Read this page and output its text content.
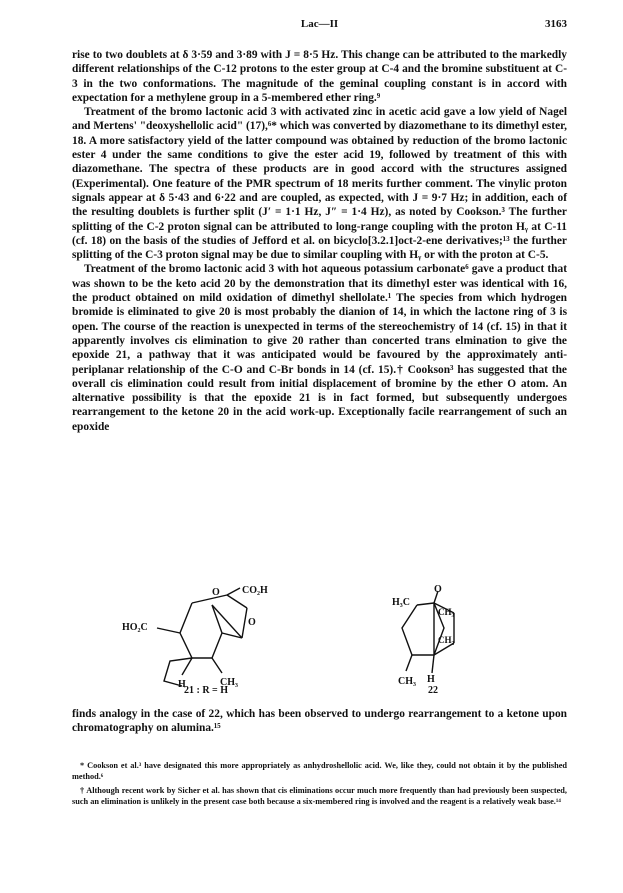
Lac—II	3163

rise to two doublets at δ 3·59 and 3·89 with J = 8·5 Hz. This change can be attributed to the markedly different relationships of the C-12 protons to the ester group at C-4 and the bromine substituent at C-3 in the two conformations. The magnitude of the geminal coupling constant is in accord with expectation for a methylene group in a 5-membered ether ring.⁹

Treatment of the bromo lactonic acid 3 with activated zinc in acetic acid gave a low yield of Nagel and Mertens' "deoxyshellolic acid" (17),⁶* which was converted by diazomethane to its dimethyl ester, 18. A more satisfactory yield of the latter compound was obtained by reduction of the bromo lactonic ester 4 under the same conditions to give the ester acid 19, followed by treatment of this with diazomethane. The spectra of these products are in good accord with the structures assigned (Experimental). One feature of the PMR spectrum of 18 merits further comment. The vinylic proton signals appear at δ 5·43 and 6·22 and are coupled, as expected, with J = 9·7 Hz; in addition, each of the resulting doublets is further split (J′ = 1·1 Hz, J″ = 1·4 Hz), as noted by Cookson.³ The further splitting of the C-2 proton signal can be attributed to long-range coupling with the proton Hᵧ at C-11 (cf. 18) on the basis of the studies of Jefford et al. on bicyclo[3.2.1]oct-2-ene derivatives;¹³ the further splitting of the C-3 proton signal may be due to similar coupling with Hᵧ or with the proton at C-5.

Treatment of the bromo lactonic acid 3 with hot aqueous potassium carbonate⁶ gave a product that was shown to be the keto acid 20 by the demonstration that its dimethyl ester was identical with 16, the product obtained on mild oxidation of dimethyl shellolate.¹ The species from which hydrogen bromide is eliminated to give 20 is most probably the dianion of 14, in which the lactone ring of 3 is open. The course of the reaction is unexpected in terms of the stereochemistry of 14 (cf. 15) in that it apparently involves cis elimination to give 20 rather than concerted trans elmination to give the epoxide 21, a pathway that it was anticipated would be favoured by the approximately anti-periplanar relationship of the C-O and C-Br bonds in 14 (cf. 15).† Cookson³ has suggested that the overall cis elimination could result from initial displacement of bromine by the ether O atom. An alternative possibility is that the epoxide 21 is in fact formed, but subsequently undergoes rearrangement to the ketone 20 in the acid work-up. Exceptionally facile rearrangement of such an epoxide

O CO₂H
O
HO₂C
H	CH₃
21 : R = H
H₃C
O
CH₃
CH₃
H
CH₃
22
finds analogy in the case of 22, which has been observed to undergo rearrangement to a ketone upon chromatography on alumina.¹⁵

* Cookson et al.³ have designated this more appropriately as anhydroshellolic acid. We, like they, could not obtain it by the published method.⁶

† Although recent work by Sicher et al. has shown that cis eliminations occur much more frequently than had previously been suspected, such an elimination is unlikely in the present case both because a six-membered ring is involved and the reagent is a relatively weak base.¹⁴
